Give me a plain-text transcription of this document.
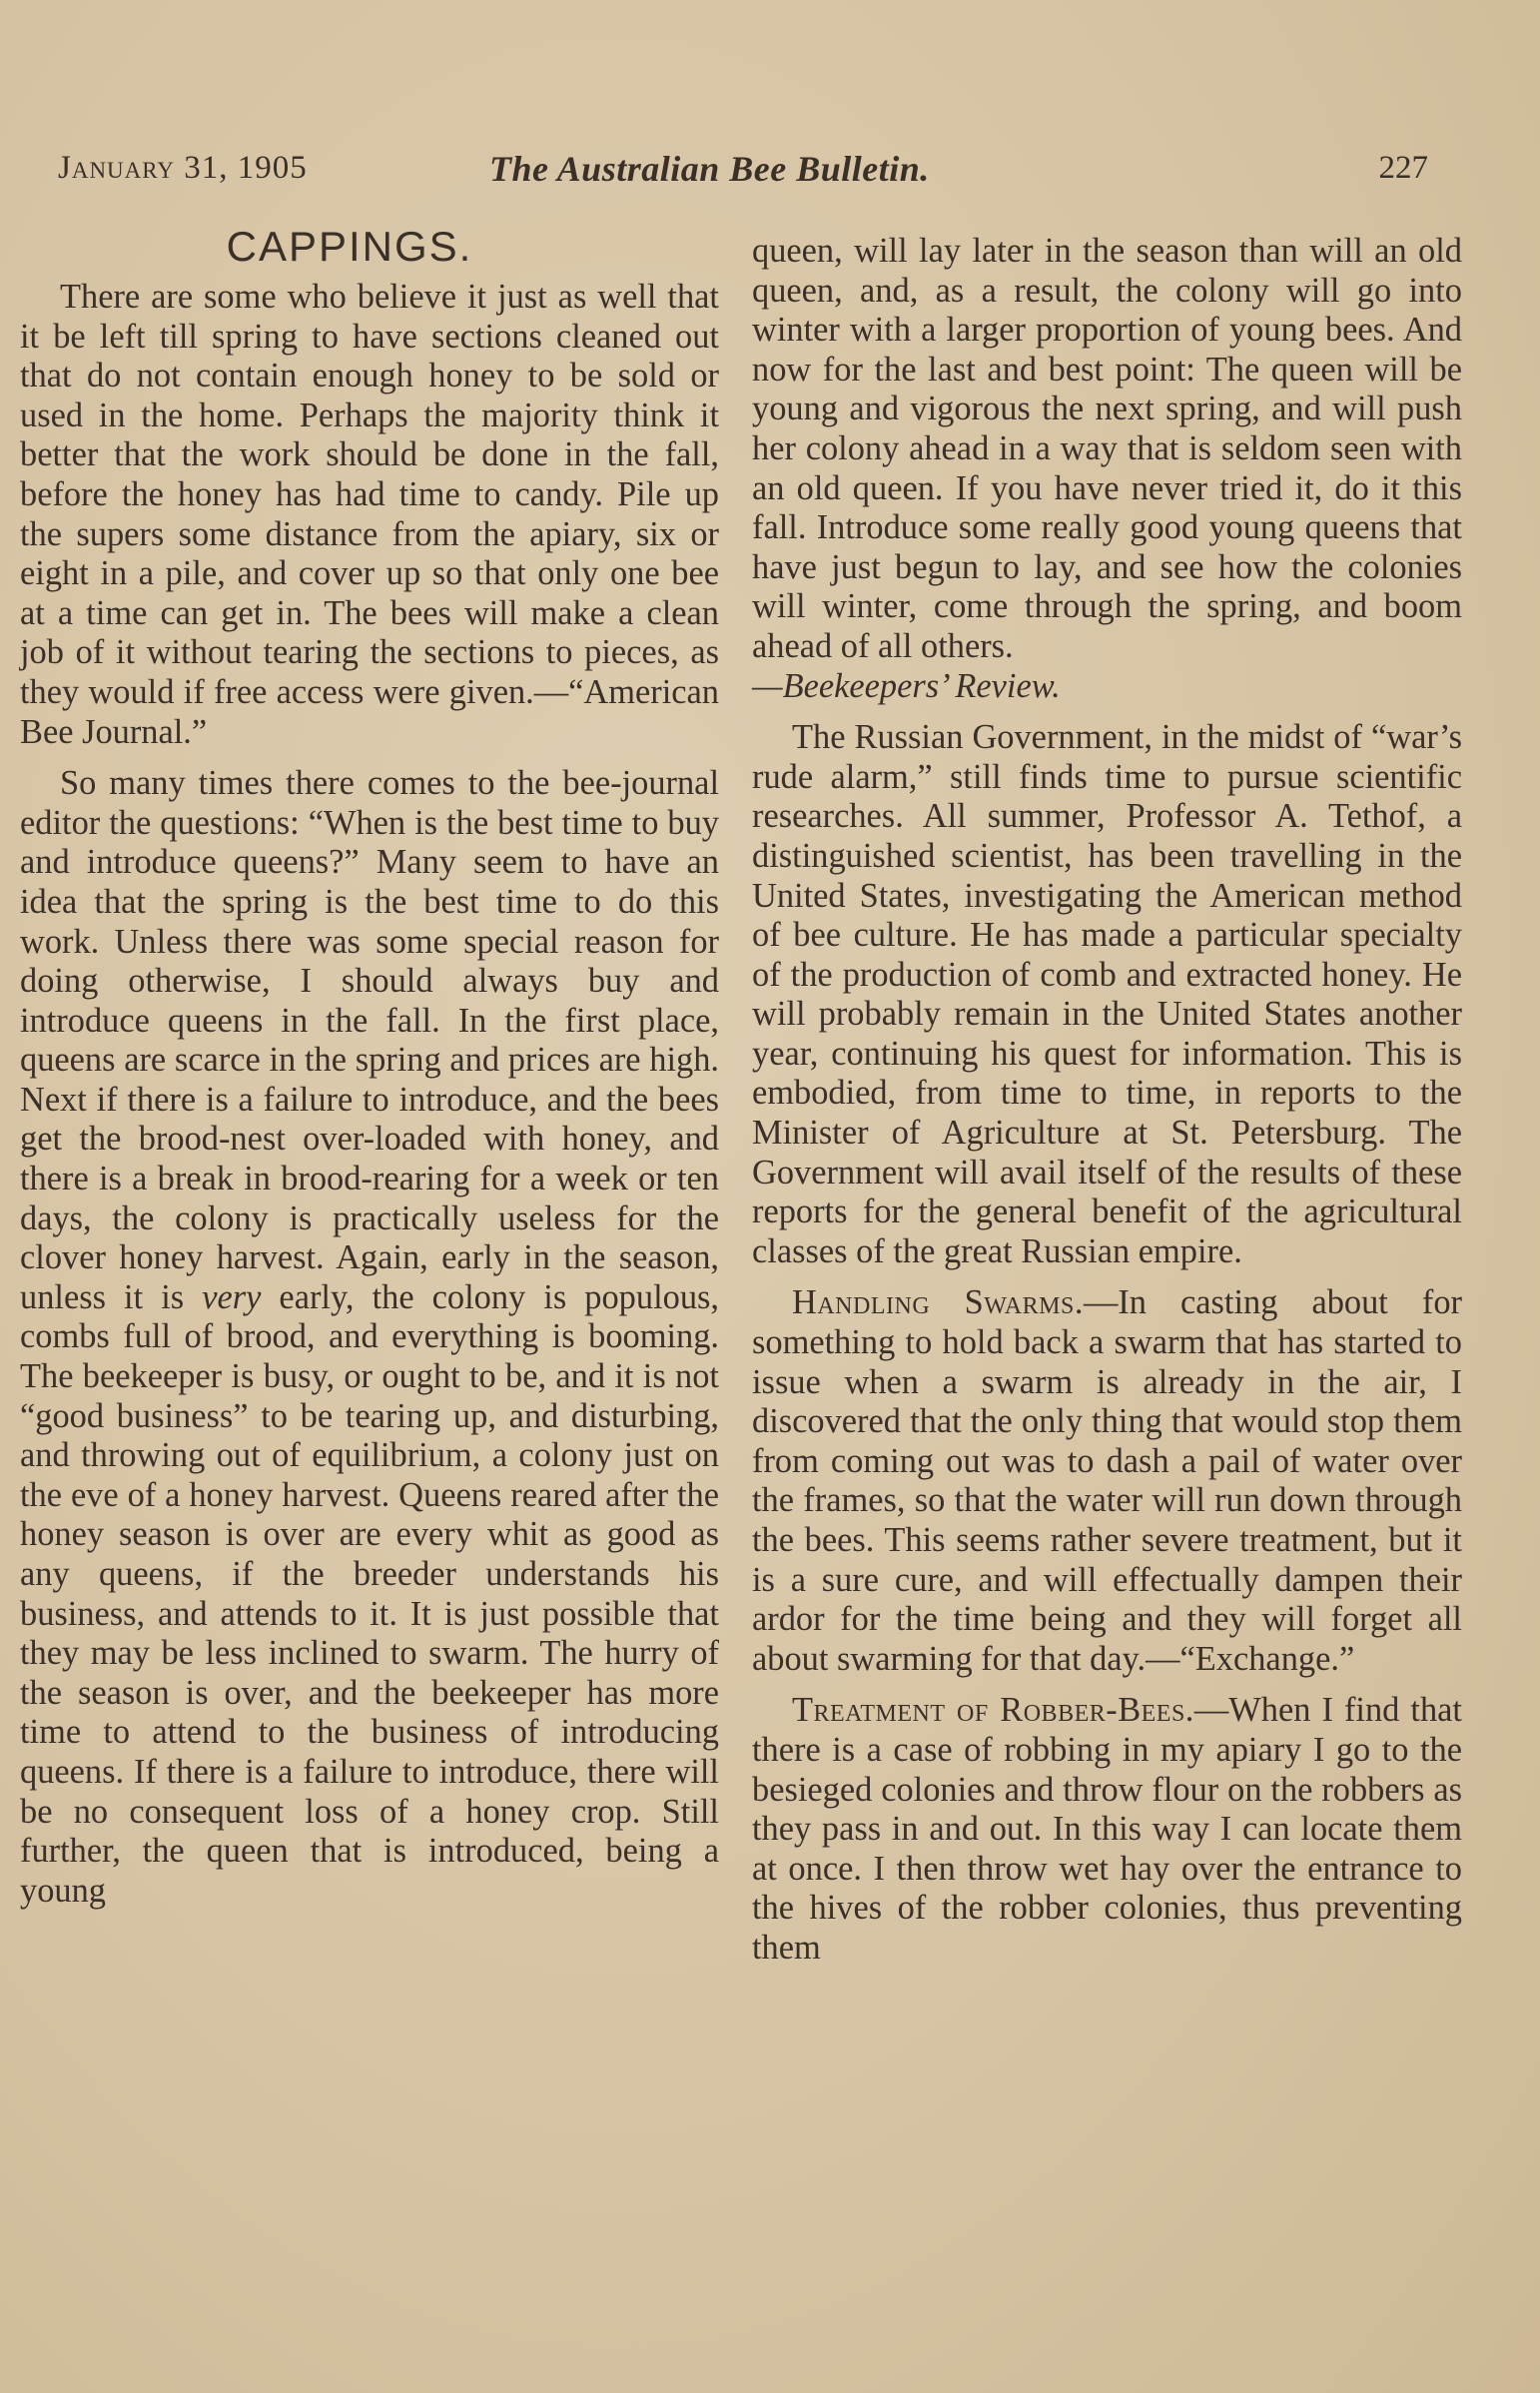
January 31, 1905	The Australian Bee Bulletin.	227
CAPPINGS.

There are some who believe it just as well that it be left till spring to have sections cleaned out that do not contain enough honey to be sold or used in the home. Perhaps the majority think it better that the work should be done in the fall, before the honey has had time to candy. Pile up the supers some distance from the apiary, six or eight in a pile, and cover up so that only one bee at a time can get in. The bees will make a clean job of it without tearing the sections to pieces, as they would if free access were given.—“American Bee Journal.”

So many times there comes to the bee-journal editor the questions: “When is the best time to buy and introduce queens?” Many seem to have an idea that the spring is the best time to do this work. Unless there was some special reason for doing otherwise, I should always buy and introduce queens in the fall. In the first place, queens are scarce in the spring and prices are high. Next if there is a failure to introduce, and the bees get the brood-nest over-loaded with honey, and there is a break in brood-rearing for a week or ten days, the colony is practically useless for the clover honey harvest. Again, early in the season, unless it is very early, the colony is populous, combs full of brood, and everything is booming. The beekeeper is busy, or ought to be, and it is not “good business” to be tearing up, and disturbing, and throwing out of equilibrium, a colony just on the eve of a honey harvest. Queens reared after the honey season is over are every whit as good as any queens, if the breeder understands his business, and attends to it. It is just possible that they may be less inclined to swarm. The hurry of the season is over, and the beekeeper has more time to attend to the business of introducing queens. If there is a failure to introduce, there will be no consequent loss of a honey crop. Still further, the queen that is introduced, being a young

queen, will lay later in the season than will an old queen, and, as a result, the colony will go into winter with a larger proportion of young bees. And now for the last and best point: The queen will be young and vigorous the next spring, and will push her colony ahead in a way that is seldom seen with an old queen. If you have never tried it, do it this fall. Introduce some really good young queens that have just begun to lay, and see how the colonies will winter, come through the spring, and boom ahead of all others.

—Beekeepers’ Review.

The Russian Government, in the midst of “war’s rude alarm,” still finds time to pursue scientific researches. All summer, Professor A. Tethof, a distinguished scientist, has been travelling in the United States, investigating the American method of bee culture. He has made a particular specialty of the production of comb and extracted honey. He will probably remain in the United States another year, continuing his quest for information. This is embodied, from time to time, in reports to the Minister of Agriculture at St. Petersburg. The Government will avail itself of the results of these reports for the general benefit of the agricultural classes of the great Russian empire.

Handling Swarms.—In casting about for something to hold back a swarm that has started to issue when a swarm is already in the air, I discovered that the only thing that would stop them from coming out was to dash a pail of water over the frames, so that the water will run down through the bees. This seems rather severe treatment, but it is a sure cure, and will effectually dampen their ardor for the time being and they will forget all about swarming for that day.—“Exchange.”

Treatment of Robber-Bees.—When I find that there is a case of robbing in my apiary I go to the besieged colonies and throw flour on the robbers as they pass in and out. In this way I can locate them at once. I then throw wet hay over the entrance to the hives of the robber colonies, thus preventing them
